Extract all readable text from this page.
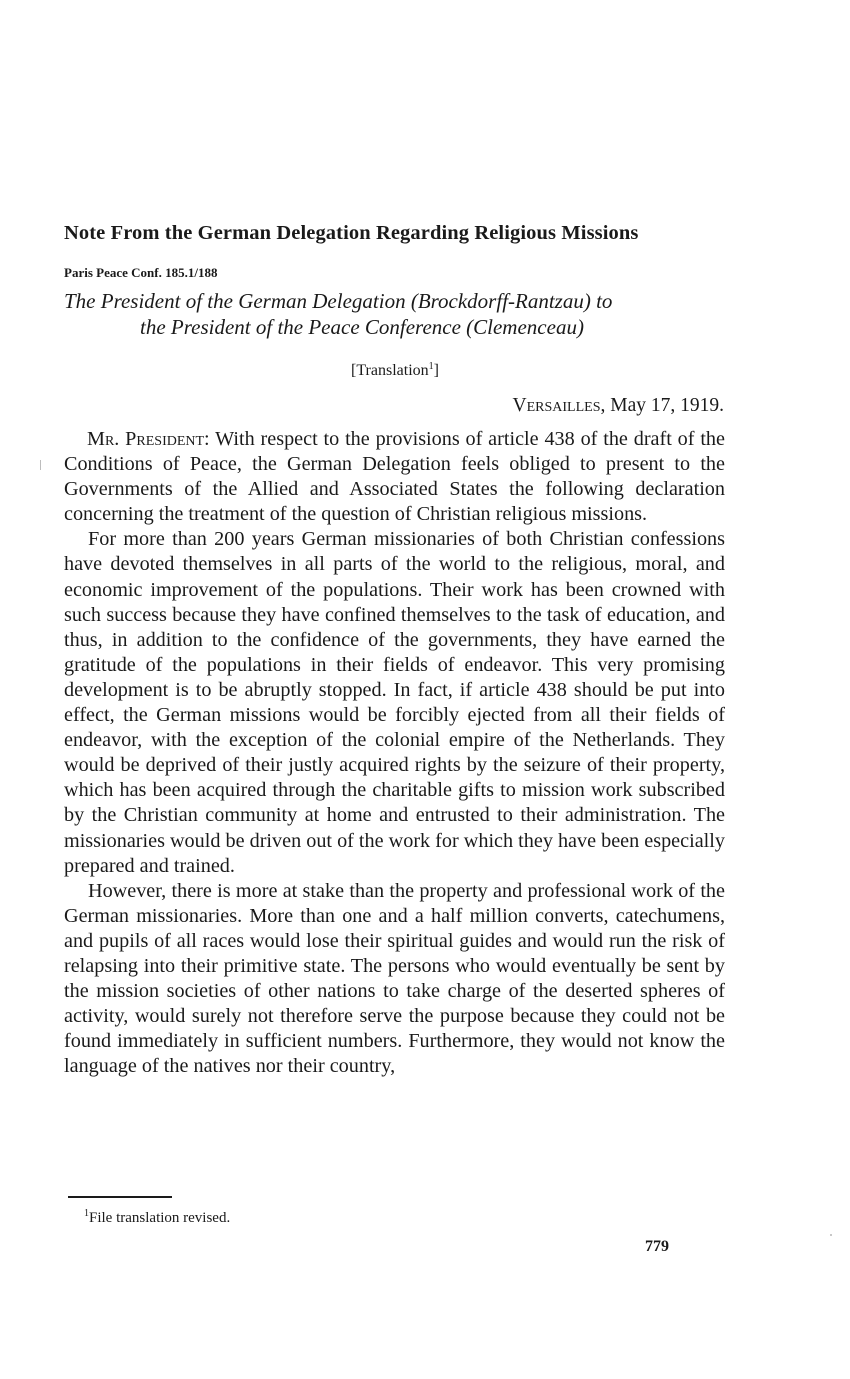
Note From the German Delegation Regarding Religious Missions
Paris Peace Conf. 185.1/188
The President of the German Delegation (Brockdorff-Rantzau) to
the President of the Peace Conference (Clemenceau)
[Translation$^1$]
Versailles, May 17, 1919.

Mr. President: With respect to the provisions of article 438 of the draft of the Conditions of Peace, the German Delegation feels obliged to present to the Governments of the Allied and Associated States the following declaration concerning the treatment of the question of Christian religious missions.

For more than 200 years German missionaries of both Christian confessions have devoted themselves in all parts of the world to the religious, moral, and economic improvement of the populations. Their work has been crowned with such success because they have confined themselves to the task of education, and thus, in addition to the confidence of the governments, they have earned the gratitude of the populations in their fields of endeavor. This very promising development is to be abruptly stopped. In fact, if article 438 should be put into effect, the German missions would be forcibly ejected from all their fields of endeavor, with the exception of the colonial empire of the Netherlands. They would be deprived of their justly acquired rights by the seizure of their property, which has been acquired through the charitable gifts to mission work subscribed by the Christian community at home and entrusted to their administration. The missionaries would be driven out of the work for which they have been especially prepared and trained.

However, there is more at stake than the property and professional work of the German missionaries. More than one and a half million converts, catechumens, and pupils of all races would lose their spiritual guides and would run the risk of relapsing into their primitive state. The persons who would eventually be sent by the mission societies of other nations to take charge of the deserted spheres of activity, would surely not therefore serve the purpose because they could not be found immediately in sufficient numbers. Furthermore, they would not know the language of the natives nor their country,

$^1$File translation revised.
779
